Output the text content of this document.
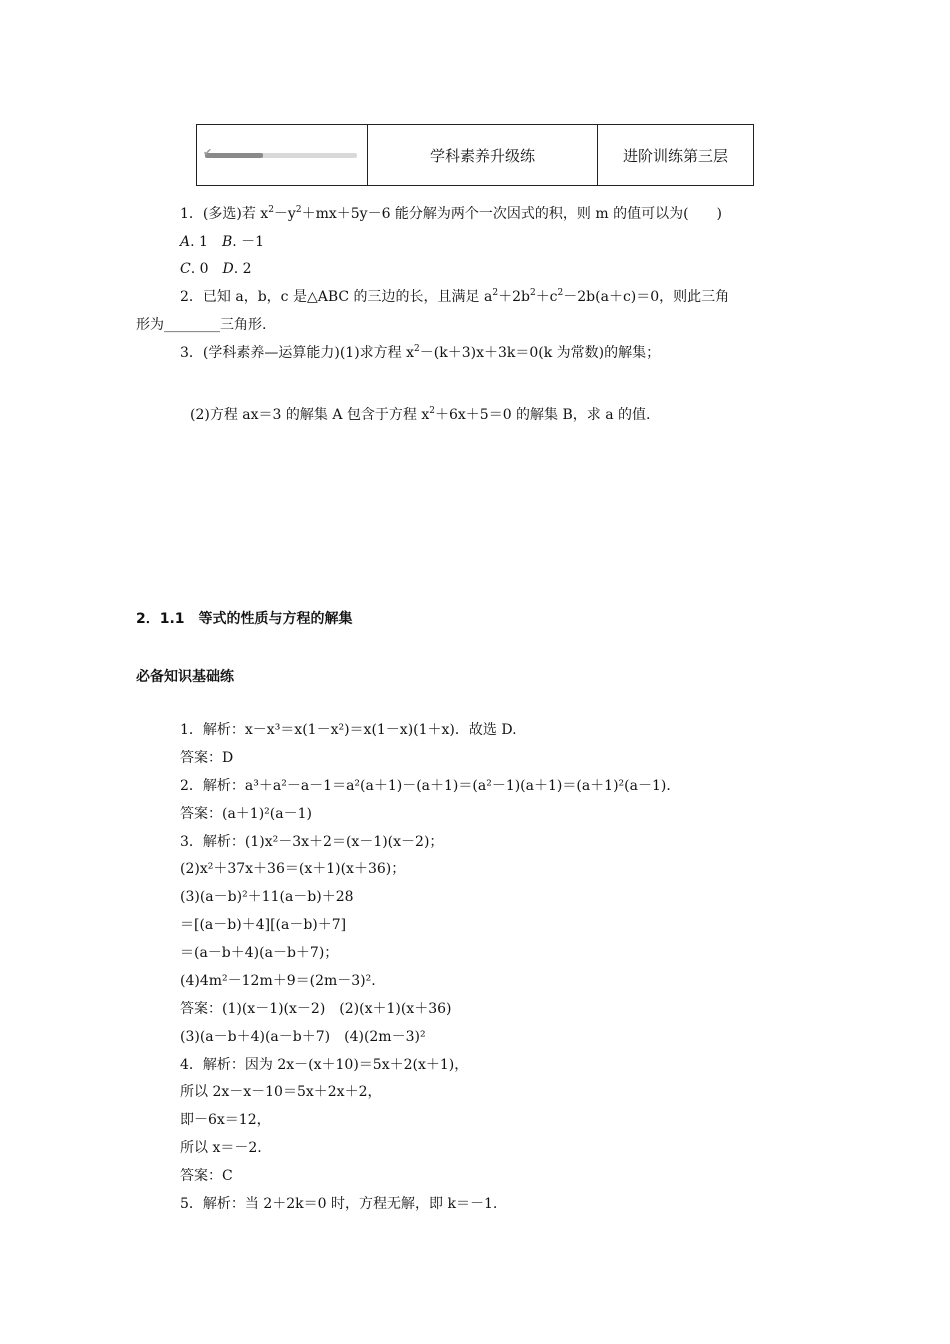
✔	学科素养升级练	进阶训练第三层
1．(多选)若 $x^2-y^2+mx+5y-6$ 能分解为两个一次因式的积，则 m 的值可以为(　　)
A. 1　B. －1
C. 0　D. 2
2．已知 a，b，c 是△ABC 的三边的长，且满足 $a^2+2b^2+c^2-2b(a+c)=0$，则此三角
形为________三角形.
3．(学科素养—运算能力)(1)求方程 $x^2-(k+3)x+3k=0(k$ 为常数)的解集；
(2)方程 ax＝3 的解集 A 包含于方程 $x^2+6x+5=0$ 的解集 B，求 a 的值.
2．1.1　等式的性质与方程的解集
必备知识基础练
1．解析：x－x³＝x(1－x²)＝x(1－x)(1＋x)．故选 D.
答案：D
2．解析：a³＋a²－a－1＝a²(a＋1)－(a＋1)＝(a²－1)(a＋1)＝(a＋1)²(a－1)．
答案：(a＋1)²(a－1)
3．解析：(1)x²－3x＋2＝(x－1)(x－2)；
(2)x²＋37x＋36＝(x＋1)(x＋36)；
(3)(a－b)²＋11(a－b)＋28
＝[(a－b)＋4][(a－b)＋7]
＝(a－b＋4)(a－b＋7)；
(4)4m²－12m＋9＝(2m－3)².
答案：(1)(x－1)(x－2)　(2)(x＋1)(x＋36)
(3)(a－b＋4)(a－b＋7)　(4)(2m－3)²
4．解析：因为 2x－(x＋10)＝5x＋2(x＋1)，
所以 2x－x－10＝5x＋2x＋2，
即－6x＝12，
所以 x＝－2.
答案：C
5．解析：当 2＋2k＝0 时，方程无解，即 k＝－1.
